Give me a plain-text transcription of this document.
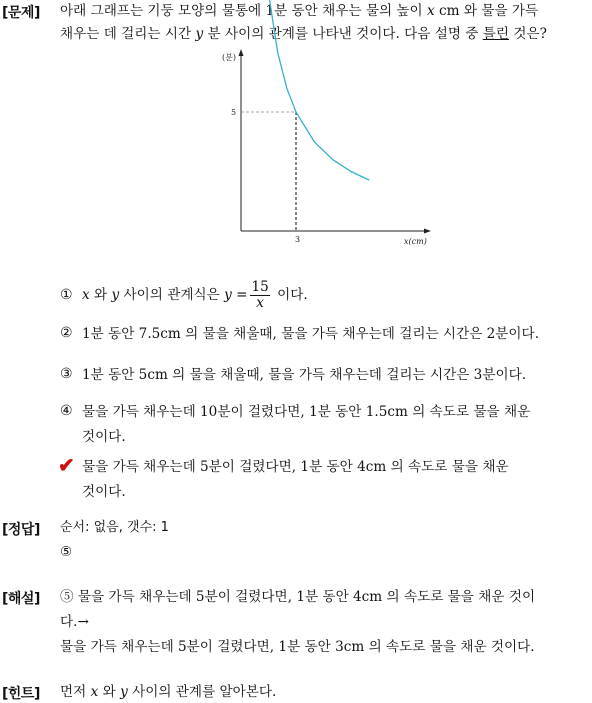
[문제] 아래 그래프는 기둥 모양의 물통에 1분 동안 채우는 물의 높이 x cm 와 물을 가득
채우는 데 걸리는 시간 y 분 사이의 관계를 나타낸 것이다. 다음 설명 중 틀린 것은?
(분)
x(cm)
5
3
① x 와 y 사이의 관계식은 $y = \frac{15}{x}$ 이다.
② 1분 동안 7.5cm 의 물을 채울때, 물을 가득 채우는데 걸리는 시간은 2분이다.
③ 1분 동안 5cm 의 물을 채울때, 물을 가득 채우는데 걸리는 시간은 3분이다.
④ 물을 가득 채우는데 10분이 걸렸다면, 1분 동안 1.5cm 의 속도로 물을 채운
것이다.
✔ 물을 가득 채우는데 5분이 걸렸다면, 1분 동안 4cm 의 속도로 물을 채운
것이다.
[정답] 순서: 없음, 갯수: 1
⑤
[해설] ⑤ 물을 가득 채우는데 5분이 걸렸다면, 1분 동안 4cm 의 속도로 물을 채운 것이
다.→
물을 가득 채우는데 5분이 걸렸다면, 1분 동안 3cm 의 속도로 물을 채운 것이다.
[힌트] 먼저 x 와 y 사이의 관계를 알아본다.
